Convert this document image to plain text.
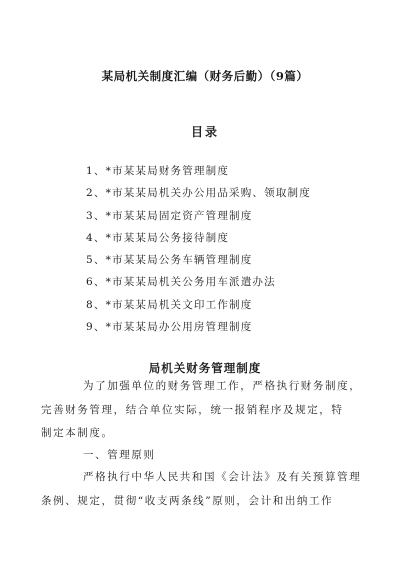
某局机关制度汇编（财务后勤）（9篇）
目录
1、*市某某局财务管理制度
2、*市某某局机关办公用品采购、领取制度
3、*市某某局固定资产管理制度
4、*市某某局公务接待制度
5、*市某某局公务车辆管理制度
6、*市某某局机关公务用车派遣办法
8、*市某某局机关文印工作制度
9、*市某某局办公用房管理制度
局机关财务管理制度
为了加强单位的财务管理工作，严格执行财务制度，
完善财务管理，结合单位实际，统一报销程序及规定，特
制定本制度。
一、管理原则
严格执行中华人民共和国《会计法》及有关预算管理
条例、规定，贯彻“收支两条线”原则，会计和出纳工作
